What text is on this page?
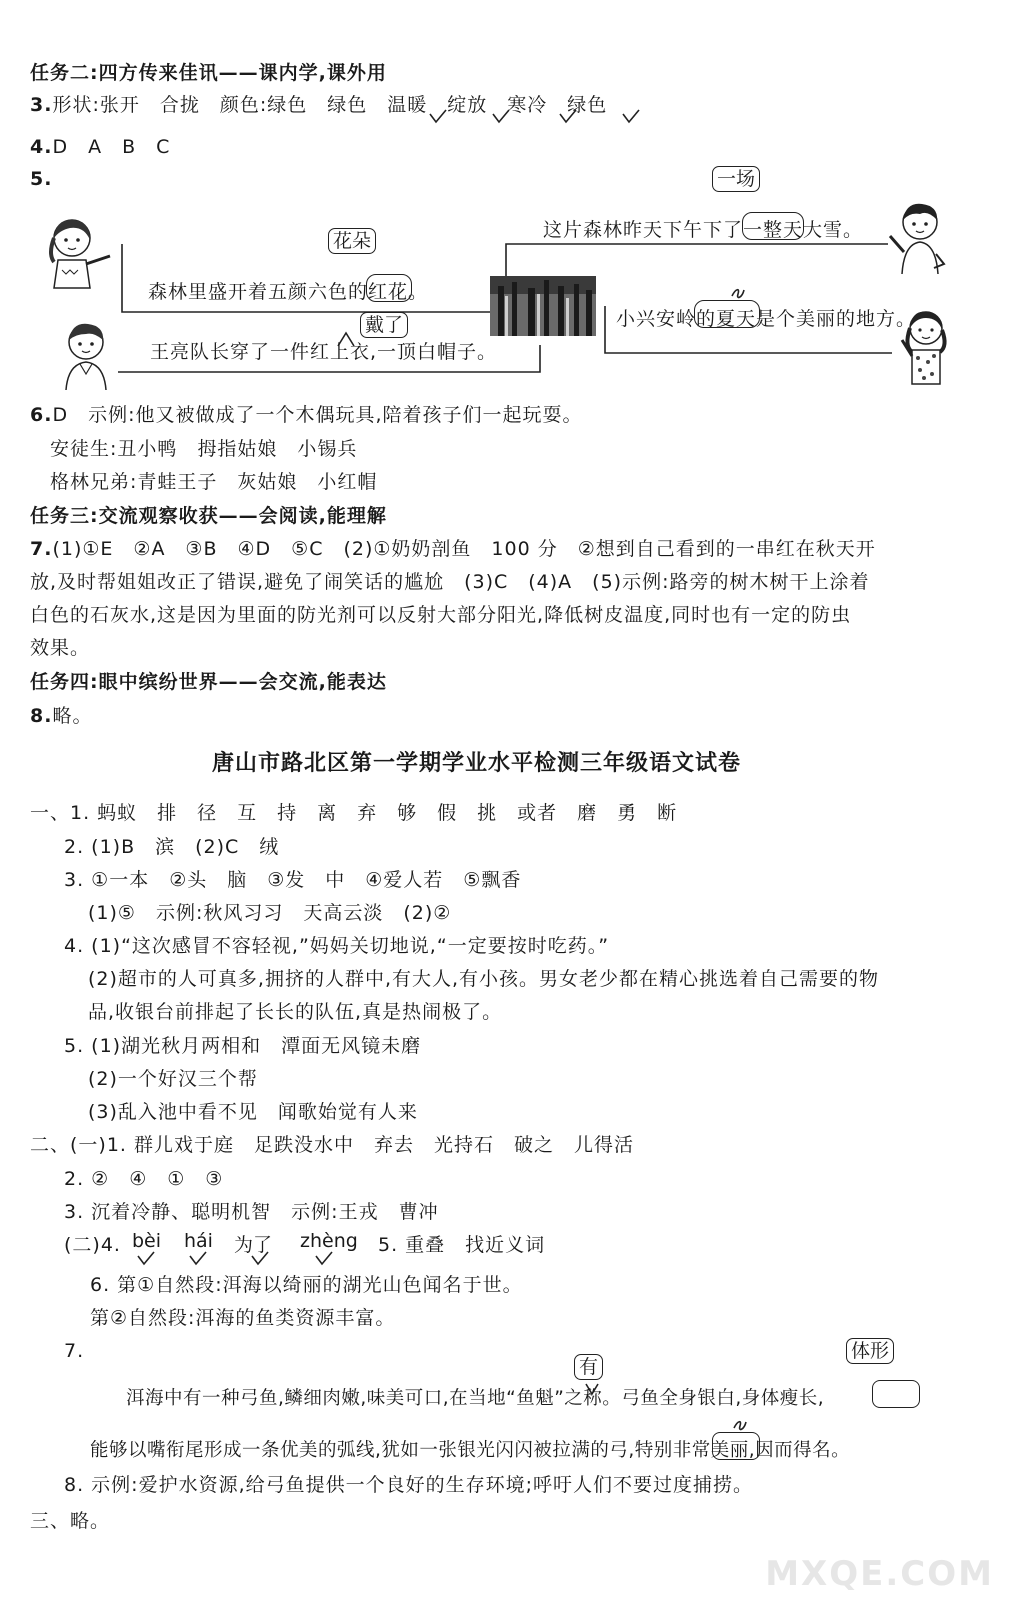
任务二:四方传来佳讯——课内学,课外用
3.形状:张开　合拢　颜色:绿色　绿色　温暖　绽放　寒冷　绿色
4.D　A　B　C
5.
森林里盛开着五颜六色的红花。
花朵
王亮队长穿了一件红上衣,一顶白帽子。
戴了
这片森林昨天下午下了一整天大雪。
一场
小兴安岭的夏天是个美丽的地方。
6.D　示例:他又被做成了一个木偶玩具,陪着孩子们一起玩耍。
安徒生:丑小鸭　拇指姑娘　小锡兵
格林兄弟:青蛙王子　灰姑娘　小红帽
任务三:交流观察收获——会阅读,能理解
7.(1)①E　②A　③B　④D　⑤C　(2)①奶奶剖鱼　100 分　②想到自己看到的一串红在秋天开
放,及时帮姐姐改正了错误,避免了闹笑话的尴尬　(3)C　(4)A　(5)示例:路旁的树木树干上涂着
白色的石灰水,这是因为里面的防光剂可以反射大部分阳光,降低树皮温度,同时也有一定的防虫
效果。
任务四:眼中缤纷世界——会交流,能表达
8.略。
唐山市路北区第一学期学业水平检测三年级语文试卷
一、1. 蚂蚁　排　径　互　持　离　弃　够　假　挑　或者　磨　勇　断
2. (1)B　滨　(2)C　绒
3. ①一本　②头　脑　③发　中　④爱人若　⑤飘香
(1)⑤　示例:秋风习习　天高云淡　(2)②
4. (1)“这次感冒不容轻视,”妈妈关切地说,“一定要按时吃药。”
(2)超市的人可真多,拥挤的人群中,有大人,有小孩。男女老少都在精心挑选着自己需要的物
品,收银台前排起了长长的队伍,真是热闹极了。
5. (1)湖光秋月两相和　潭面无风镜未磨
(2)一个好汉三个帮
(3)乱入池中看不见　闻歌始觉有人来
二、(一)1. 群儿戏于庭　足跌没水中　弃去　光持石　破之　儿得活
2. ②　④　①　③
3. 沉着冷静、聪明机智　示例:王戎　曹冲
(二)4. bèi hái 为了 zhèng 5. 重叠　找近义词
6. 第①自然段:洱海以绮丽的湖光山色闻名于世。
第②自然段:洱海的鱼类资源丰富。
7.
有
体形
洱海中有一种弓鱼,鳞细肉嫩,味美可口,在当地“鱼魁”之称。弓鱼全身银白,身体瘦长,
能够以嘴衔尾形成一条优美的弧线,犹如一张银光闪闪被拉满的弓,特别非常美丽,因而得名。
8. 示例:爱护水资源,给弓鱼提供一个良好的生存环境;呼吁人们不要过度捕捞。
三、略。
MXQE.COM
